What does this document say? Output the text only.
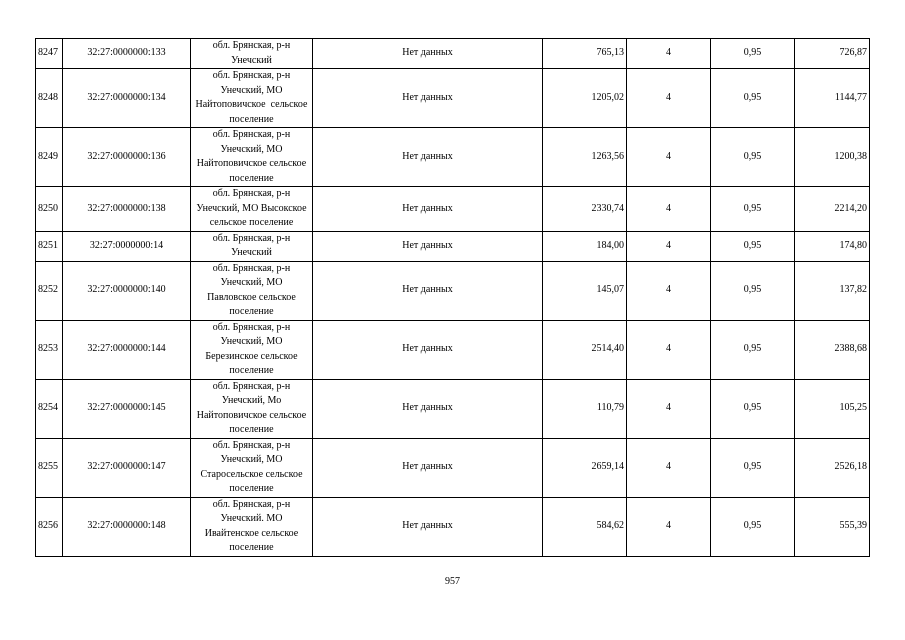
8247	32:27:0000000:133	обл. Брянская, р-н
Унечский	Нет данных	765,13	4	0,95	726,87
8248	32:27:0000000:134	обл. Брянская, р-н
Унечский, МО
Найтоповичское  сельское
поселение	Нет данных	1205,02	4	0,95	1144,77
8249	32:27:0000000:136	обл. Брянская, р-н
Унечский, МО
Найтоповичское сельское
поселение	Нет данных	1263,56	4	0,95	1200,38
8250	32:27:0000000:138	обл. Брянская, р-н
Унечский, МО Высокское
сельское поселение	Нет данных	2330,74	4	0,95	2214,20
8251	32:27:0000000:14	обл. Брянская, р-н
Унечский	Нет данных	184,00	4	0,95	174,80
8252	32:27:0000000:140	обл. Брянская, р-н
Унечский, МО
Павловское сельское
поселение	Нет данных	145,07	4	0,95	137,82
8253	32:27:0000000:144	обл. Брянская, р-н
Унечский, МО
Березинское сельское
поселение	Нет данных	2514,40	4	0,95	2388,68
8254	32:27:0000000:145	обл. Брянская, р-н
Унечский, Мо
Найтоповичское сельское
поселение	Нет данных	110,79	4	0,95	105,25
8255	32:27:0000000:147	обл. Брянская, р-н
Унечский, МО
Старосельское сельское
поселение	Нет данных	2659,14	4	0,95	2526,18
8256	32:27:0000000:148	обл. Брянская, р-н
Унечский. МО
Ивайтенское сельское
поселение	Нет данных	584,62	4	0,95	555,39
957
